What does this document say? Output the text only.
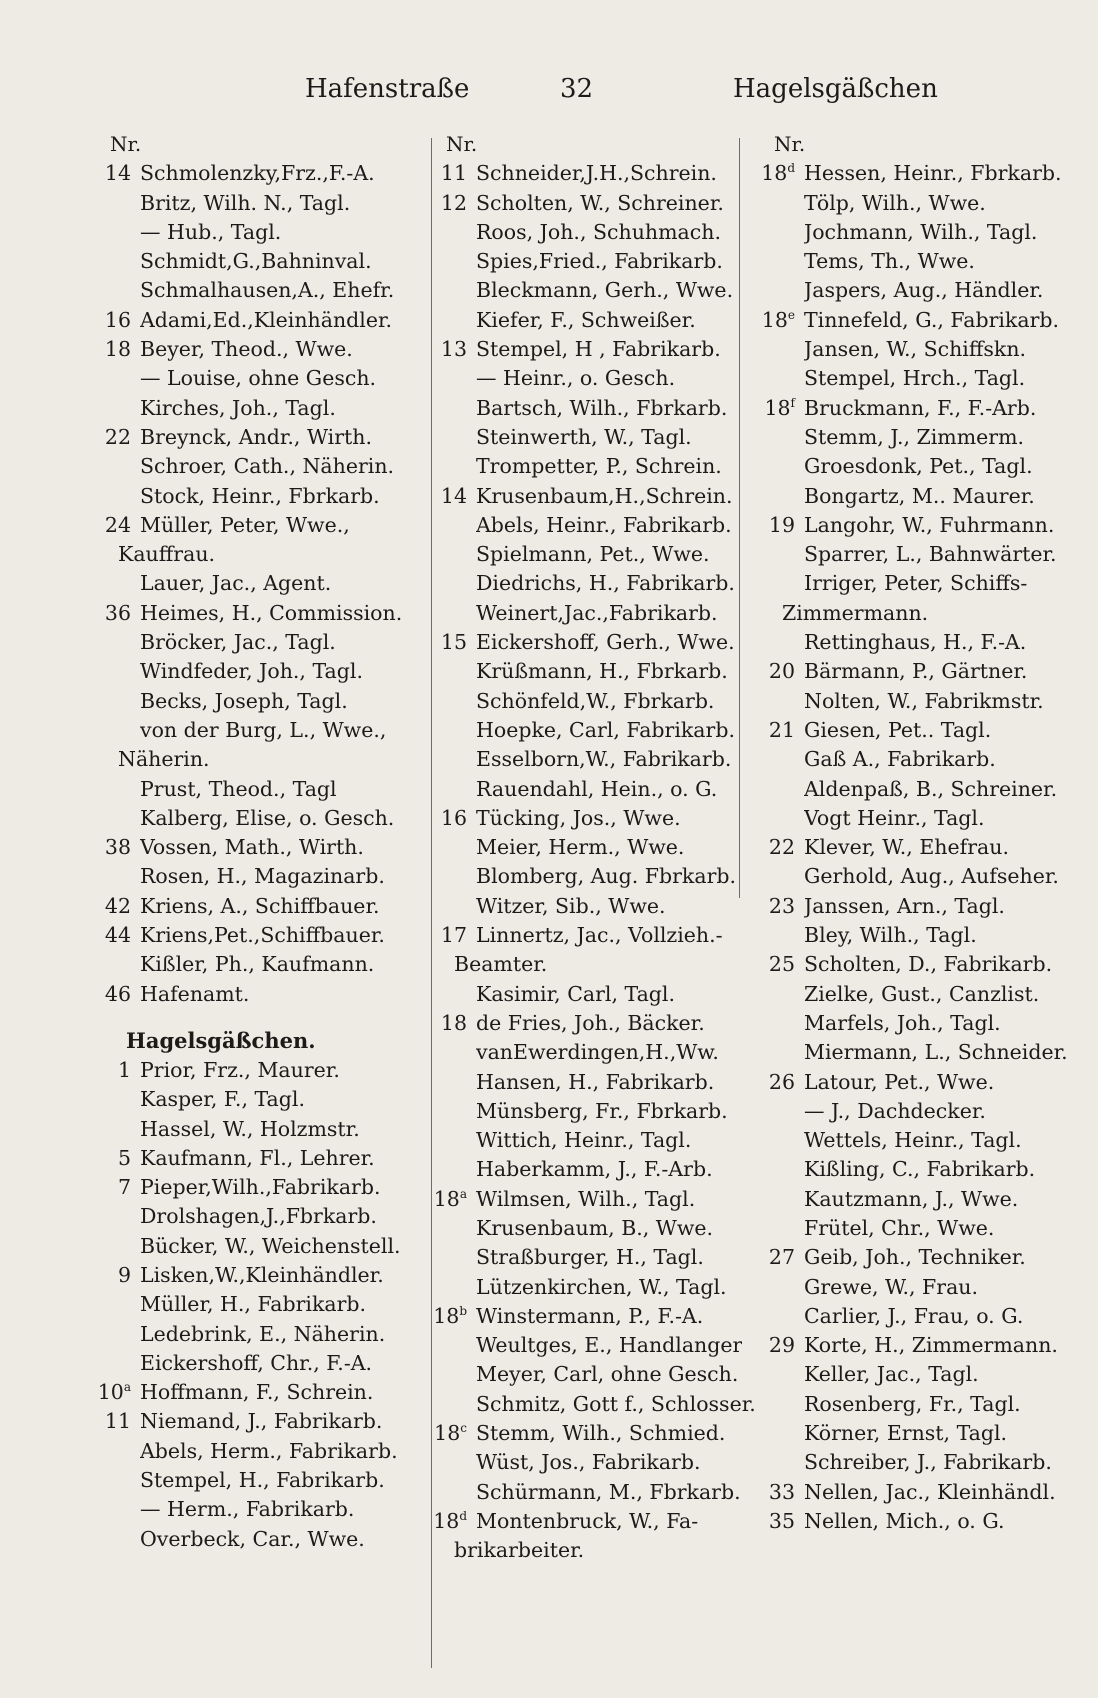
Hafenstraße	32	Hagelsgäßchen
Nr.
14 Schmolenzky,Frz.,F.-A.
Britz, Wilh. N., Tagl.
— Hub., Tagl.
Schmidt,G.,Bahninval.
Schmalhausen,A., Ehefr.
16 Adami,Ed.,Kleinhändler.
18 Beyer, Theod., Wwe.
— Louise, ohne Gesch.
Kirches, Joh., Tagl.
22 Breynck, Andr., Wirth.
Schroer, Cath., Näherin.
Stock, Heinr., Fbrkarb.
24 Müller, Peter, Wwe.,
Kauffrau.
Lauer, Jac., Agent.
36 Heimes, H., Commission.
Bröcker, Jac., Tagl.
Windfeder, Joh., Tagl.
Becks, Joseph, Tagl.
von der Burg, L., Wwe.,
Näherin.
Prust, Theod., Tagl
Kalberg, Elise, o. Gesch.
38 Vossen, Math., Wirth.
Rosen, H., Magazinarb.
42 Kriens, A., Schiffbauer.
44 Kriens,Pet.,Schiffbauer.
Kißler, Ph., Kaufmann.
46 Hafenamt.
Hagelsgäßchen.
1 Prior, Frz., Maurer.
Kasper, F., Tagl.
Hassel, W., Holzmstr.
5 Kaufmann, Fl., Lehrer.
7 Pieper,Wilh.,Fabrikarb.
Drolshagen,J.,Fbrkarb.
Bücker, W., Weichenstell.
9 Lisken,W.,Kleinhändler.
Müller, H., Fabrikarb.
Ledebrink, E., Näherin.
Eickershoff, Chr., F.-A.
10$^a$ Hoffmann, F., Schrein.
11 Niemand, J., Fabrikarb.
Abels, Herm., Fabrikarb.
Stempel, H., Fabrikarb.
— Herm., Fabrikarb.
Overbeck, Car., Wwe.
Nr.
11 Schneider,J.H.,Schrein.
12 Scholten, W., Schreiner.
Roos, Joh., Schuhmach.
Spies,Fried., Fabrikarb.
Bleckmann, Gerh., Wwe.
Kiefer, F., Schweißer.
13 Stempel, H , Fabrikarb.
— Heinr., o. Gesch.
Bartsch, Wilh., Fbrkarb.
Steinwerth, W., Tagl.
Trompetter, P., Schrein.
14 Krusenbaum,H.,Schrein.
Abels, Heinr., Fabrikarb.
Spielmann, Pet., Wwe.
Diedrichs, H., Fabrikarb.
Weinert,Jac.,Fabrikarb.
15 Eickershoff, Gerh., Wwe.
Krüßmann, H., Fbrkarb.
Schönfeld,W., Fbrkarb.
Hoepke, Carl, Fabrikarb.
Esselborn,W., Fabrikarb.
Rauendahl, Hein., o. G.
16 Tücking, Jos., Wwe.
Meier, Herm., Wwe.
Blomberg, Aug. Fbrkarb.
Witzer, Sib., Wwe.
17 Linnertz, Jac., Vollzieh.-
Beamter.
Kasimir, Carl, Tagl.
18 de Fries, Joh., Bäcker.
vanEwerdingen,H.,Ww.
Hansen, H., Fabrikarb.
Münsberg, Fr., Fbrkarb.
Wittich, Heinr., Tagl.
Haberkamm, J., F.-Arb.
18$^a$ Wilmsen, Wilh., Tagl.
Krusenbaum, B., Wwe.
Straßburger, H., Tagl.
Lützenkirchen, W., Tagl.
18$^b$ Winstermann, P., F.-A.
Weultges, E., Handlanger
Meyer, Carl, ohne Gesch.
Schmitz, Gott f., Schlosser.
18$^c$ Stemm, Wilh., Schmied.
Wüst, Jos., Fabrikarb.
Schürmann, M., Fbrkarb.
18$^d$ Montenbruck, W., Fa-
brikarbeiter.
Nr.
18$^d$ Hessen, Heinr., Fbrkarb.
Tölp, Wilh., Wwe.
Jochmann, Wilh., Tagl.
Tems, Th., Wwe.
Jaspers, Aug., Händler.
18e Tinnefeld, G., Fabrikarb.
Jansen, W., Schiffskn.
Stempel, Hrch., Tagl.
18$^f$ Bruckmann, F., F.-Arb.
Stemm, J., Zimmerm.
Groesdonk, Pet., Tagl.
Bongartz, M.. Maurer.
19 Langohr, W., Fuhrmann.
Sparrer, L., Bahnwärter.
Irriger, Peter, Schiffs-
Zimmermann.
Rettinghaus, H., F.-A.
20 Bärmann, P., Gärtner.
Nolten, W., Fabrikmstr.
21 Giesen, Pet.. Tagl.
Gaß A., Fabrikarb.
Aldenpaß, B., Schreiner.
Vogt Heinr., Tagl.
22 Klever, W., Ehefrau.
Gerhold, Aug., Aufseher.
23 Janssen, Arn., Tagl.
Bley, Wilh., Tagl.
25 Scholten, D., Fabrikarb.
Zielke, Gust., Canzlist.
Marfels, Joh., Tagl.
Miermann, L., Schneider.
26 Latour, Pet., Wwe.
— J., Dachdecker.
Wettels, Heinr., Tagl.
Kißling, C., Fabrikarb.
Kautzmann, J., Wwe.
Frütel, Chr., Wwe.
27 Geib, Joh., Techniker.
Grewe, W., Frau.
Carlier, J., Frau, o. G.
29 Korte, H., Zimmermann.
Keller, Jac., Tagl.
Rosenberg, Fr., Tagl.
Körner, Ernst, Tagl.
Schreiber, J., Fabrikarb.
33 Nellen, Jac., Kleinhändl.
35 Nellen, Mich., o. G.
